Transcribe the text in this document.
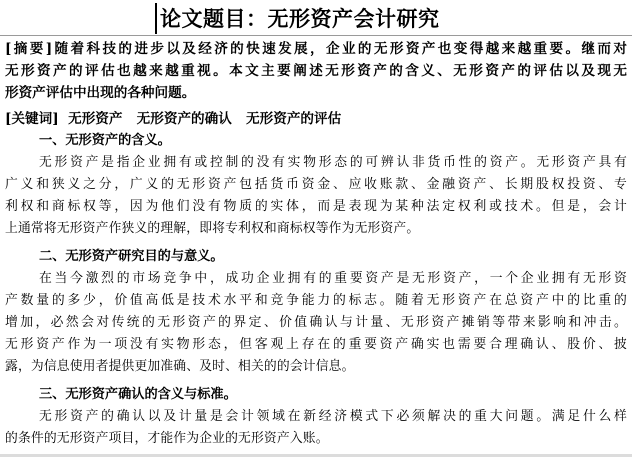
论文题目：无形资产会计研究
[摘要]随着科技的进步以及经济的快速发展，企业的无形资产也变得越来越重要。继而对
无形资产的评估也越来越重视。本文主要阐述无形资产的含义、无形资产的评估以及现无
形资产评估中出现的各种问题。
[关键词]  无形资产   无形资产的确认   无形资产的评估
一、无形资产的含义。
无形资产是指企业拥有或控制的没有实物形态的可辨认非货币性的资产。无形资产具有
广义和狭义之分，广义的无形资产包括货币资金、应收账款、金融资产、长期股权投资、专
利权和商标权等，因为他们没有物质的实体，而是表现为某种法定权利或技术。但是，会计
上通常将无形资产作狭义的理解，即将专利权和商标权等作为无形资产。
二、无形资产研究目的与意义。
在当今激烈的市场竞争中，成功企业拥有的重要资产是无形资产，一个企业拥有无形资
产数量的多少，价值高低是技术水平和竞争能力的标志。随着无形资产在总资产中的比重的
增加，必然会对传统的无形资产的界定、价值确认与计量、无形资产摊销等带来影响和冲击。
无形资产作为一项没有实物形态，但客观上存在的重要资产确实也需要合理确认、股价、披
露，为信息使用者提供更加准确、及时、相关的的会计信息。
三、无形资产确认的含义与标准。
无形资产的确认以及计量是会计领域在新经济模式下必须解决的重大问题。满足什么样
的条件的无形资产项目，才能作为企业的无形资产入账。
